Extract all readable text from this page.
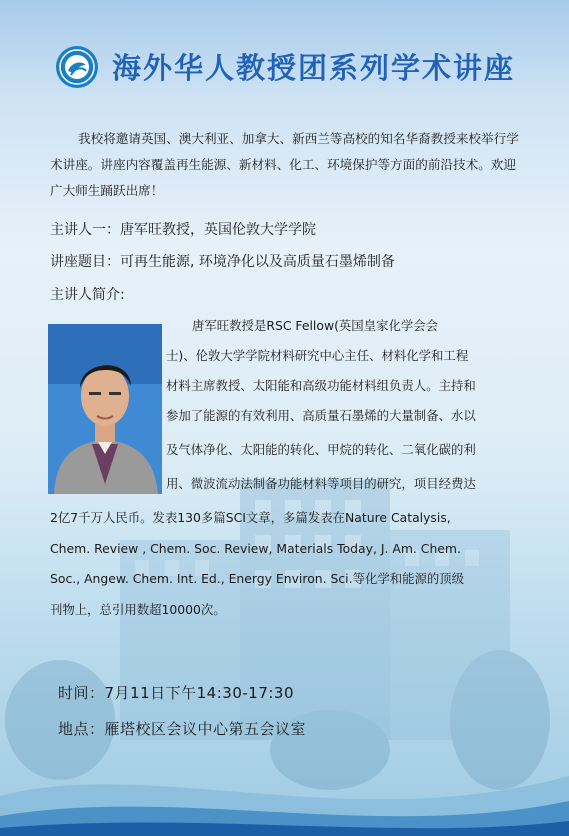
海外华人教授团系列学术讲座
我校将邀请英国、澳大利亚、加拿大、新西兰等高校的知名华裔教授来校举行学术讲座。讲座内容覆盖再生能源、新材料、化工、环境保护等方面的前沿技术。欢迎广大师生踊跃出席！
主讲人一：唐军旺教授，英国伦敦大学学院
讲座题目：可再生能源, 环境净化以及高质量石墨烯制备
主讲人简介:
唐军旺教授是RSC Fellow(英国皇家化学会会
士)、伦敦大学学院材料研究中心主任、材料化学和工程
材料主席教授、太阳能和高级功能材料组负责人。主持和
参加了能源的有效利用、高质量石墨烯的大量制备、水以
及气体净化、太阳能的转化、甲烷的转化、二氧化碳的利
用、微波流动法制备功能材料等项目的研究，项目经费达
2亿7千万人民币。发表130多篇SCI文章，多篇发表在Nature Catalysis,
Chem. Review , Chem. Soc. Review, Materials Today, J. Am. Chem.
Soc., Angew. Chem. Int. Ed., Energy Environ. Sci.等化学和能源的顶级
刊物上，总引用数超10000次。
时间：7月11日下午14:30-17:30
地点：雁塔校区会议中心第五会议室
